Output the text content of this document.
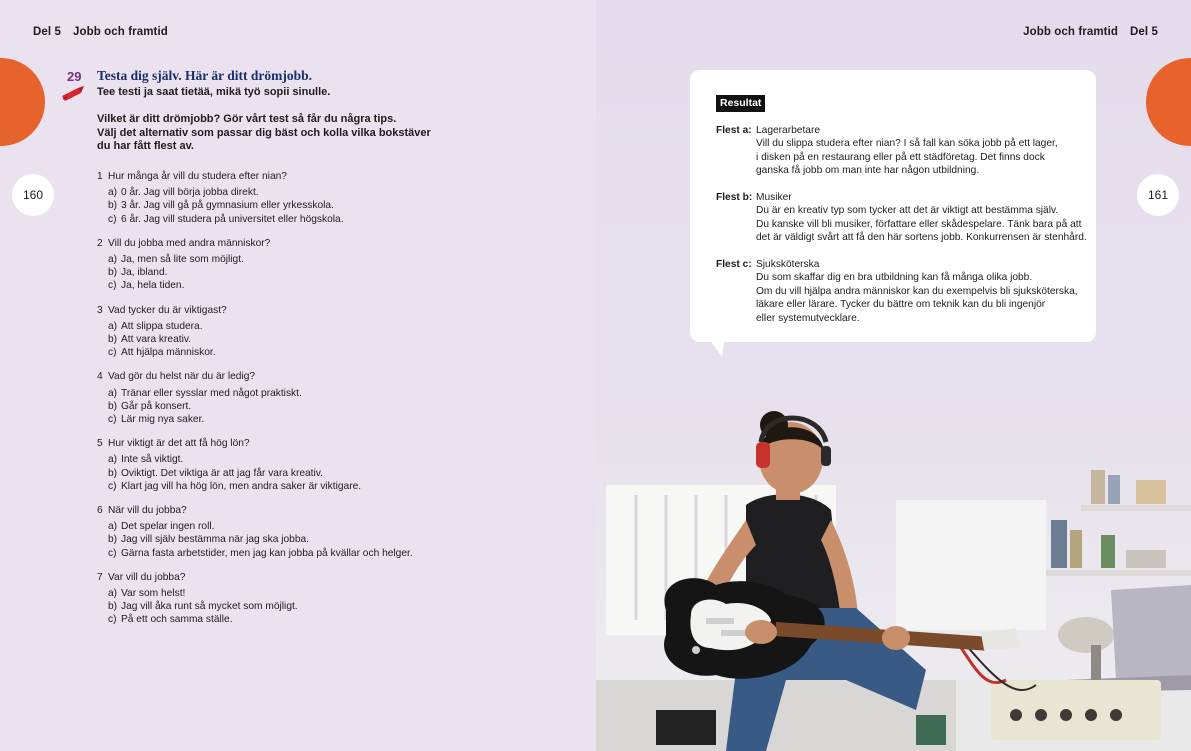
Del 5 Jobb och framtid	Jobb och framtid Del 5
160	161
29 Testa dig själv. Här är ditt drömjobb.
Tee testi ja saat tietää, mikä työ sopii sinulle.
Vilket är ditt drömjobb? Gör vårt test så får du några tips.
Välj det alternativ som passar dig bäst och kolla vilka bokstäver
du har fått flest av.
1 Hur många år vill du studera efter nian?
a) 0 år. Jag vill börja jobba direkt.
b) 3 år. Jag vill gå på gymnasium eller yrkesskola.
c) 6 år. Jag vill studera på universitet eller högskola.
2 Vill du jobba med andra människor?
a) Ja, men så lite som möjligt.
b) Ja, ibland.
c) Ja, hela tiden.
3 Vad tycker du är viktigast?
a) Att slippa studera.
b) Att vara kreativ.
c) Att hjälpa människor.
4 Vad gör du helst när du är ledig?
a) Tränar eller sysslar med något praktiskt.
b) Går på konsert.
c) Lär mig nya saker.
5 Hur viktigt är det att få hög lön?
a) Inte så viktigt.
b) Oviktigt. Det viktiga är att jag får vara kreativ.
c) Klart jag vill ha hög lön, men andra saker är viktigare.
6 När vill du jobba?
a) Det spelar ingen roll.
b) Jag vill själv bestämma när jag ska jobba.
c) Gärna fasta arbetstider, men jag kan jobba på kvällar och helger.
7 Var vill du jobba?
a) Var som helst!
b) Jag vill åka runt så mycket som möjligt.
c) På ett och samma ställe.
Resultat
Flest a: Lagerarbetare
Vill du slippa studera efter nian? I så fall kan söka jobb på ett lager,
i disken på en restaurang eller på ett städföretag. Det finns dock
ganska få jobb om man inte har någon utbildning.
Flest b: Musiker
Du är en kreativ typ som tycker att det är viktigt att bestämma själv.
Du kanske vill bli musiker, författare eller skådespelare. Tänk bara på att
det är väldigt svårt att få den här sortens jobb. Konkurrensen är stenhård.
Flest c: Sjuksköterska
Du som skaffar dig en bra utbildning kan få många olika jobb.
Om du vill hjälpa andra människor kan du exempelvis bli sjuksköterska,
läkare eller lärare. Tycker du bättre om teknik kan du bli ingenjör
eller systemutvecklare.
